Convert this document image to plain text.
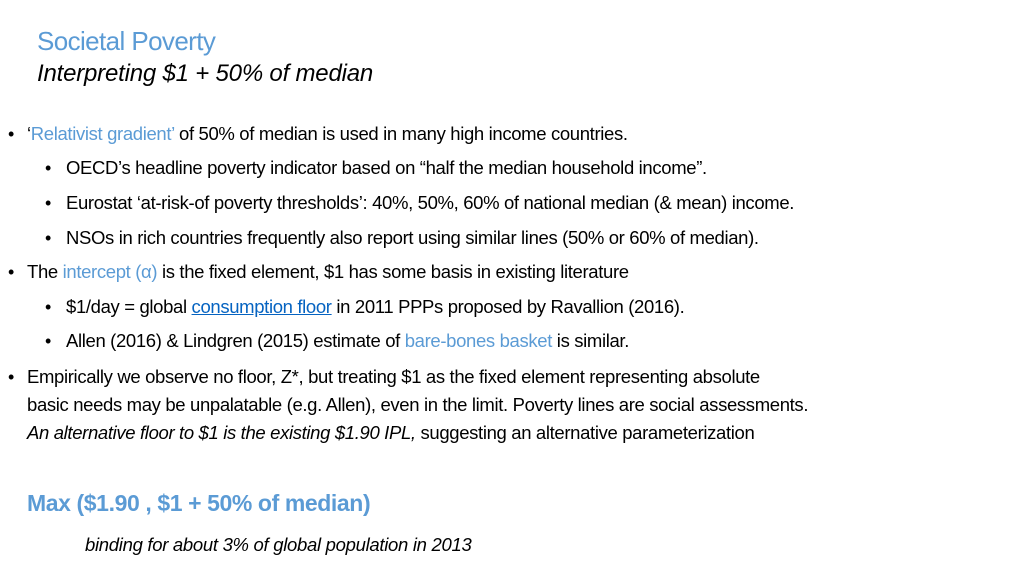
Societal Poverty
Interpreting $1 + 50% of median
• ‘Relativist gradient’ of 50% of median is used in many high income countries.
• OECD’s headline poverty indicator based on “half the median household income”.
• Eurostat ‘at-risk-of poverty thresholds’: 40%, 50%, 60% of national median (& mean) income.
• NSOs in rich countries frequently also report using similar lines (50% or 60% of median).
• The intercept (α) is the fixed element, $1 has some basis in existing literature
• $1/day = global consumption floor in 2011 PPPs proposed by Ravallion (2016).
• Allen (2016) & Lindgren (2015) estimate of bare-bones basket is similar.
• Empirically we observe no floor, Z*, but treating $1 as the fixed element representing absolute
basic needs may be unpalatable (e.g. Allen), even in the limit. Poverty lines are social assessments.
An alternative floor to $1 is the existing $1.90 IPL, suggesting an alternative parameterization
Max ($1.90 , $1 + 50% of median)
binding for about 3% of global population in 2013
